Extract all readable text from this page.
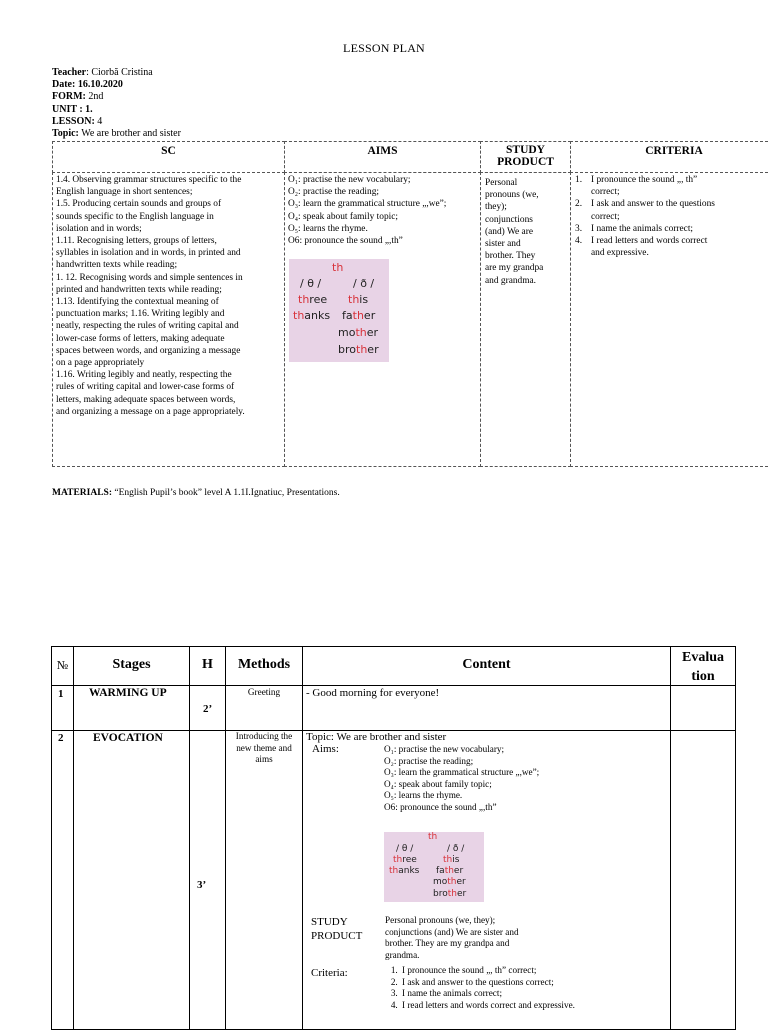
LESSON PLAN
Teacher: Ciorbă Cristina
Date: 16.10.2020
FORM: 2nd
UNIT : 1.
LESSON: 4
Topic: We are brother and sister
SC	AIMS	STUDY PRODUCT
CRITERIA
1.4. Observing grammar structures specific to the
English language in short sentences;
1.5. Producing certain sounds and groups of
sounds specific to the English language in
isolation and in words;
1.11. Recognising letters, groups of letters,
syllables in isolation and in words, in printed and
handwritten texts while reading;
1. 12. Recognising words and simple sentences in
printed and handwritten texts while reading;
1.13. Identifying the contextual meaning of
punctuation marks; 1.16. Writing legibly and
neatly, respecting the rules of writing capital and
lower-case forms of letters, making adequate
spaces between words, and organizing a message
on a page appropriately
1.16. Writing legibly and neatly, respecting the
rules of writing capital and lower-case forms of
letters, making adequate spaces between words,
and organizing a message on a page appropriately.
O₁: practise the new vocabulary;
O₂: practise the reading;
O₃: learn the grammatical structure „,we”;
O₄: speak about family topic;
O₅: learns the rhyme.
O6: pronounce the sound „,th”
Personal
pronouns (we,
they);
conjunctions
(and) We are
sister and
brother. They
are my grandpa
and grandma.
1. I pronounce the sound „, th”
correct;
2. I ask and answer to the questions
correct;
3. I name the animals correct;
4. I read letters and words correct
and expressive.
th
/ θ /	/ ð /
three this
thanks father
mother
brother
MATERIALS: “English Pupil’s book” level A 1.1I.Ignatiuc, Presentations.
№	Stages	H	Methods	Content	Evalua
tion
1	WARMING UP
2’
Greeting	- Good morning for everyone!
2	EVOCATION
3’
Introducing the
new theme and
aims
Topic: We are brother and sister
Aims:	O₁: practise the new vocabulary;
O₂: practise the reading;
O₃: learn the grammatical structure „,we”;
O₄: speak about family topic;
O₅: learns the rhyme.
O6: pronounce the sound „,th”
th
/ θ /	/ ð /
three	this
thanks father
mother
brother
STUDY
PRODUCT
Personal pronouns (we, they);
conjunctions (and) We are sister and
brother. They are my grandpa and
grandma.
Criteria:
1.	I pronounce the sound „, th” correct;
2. I ask and answer to the questions correct;
3. I name the animals correct;
4. I read letters and words correct and expressive.
